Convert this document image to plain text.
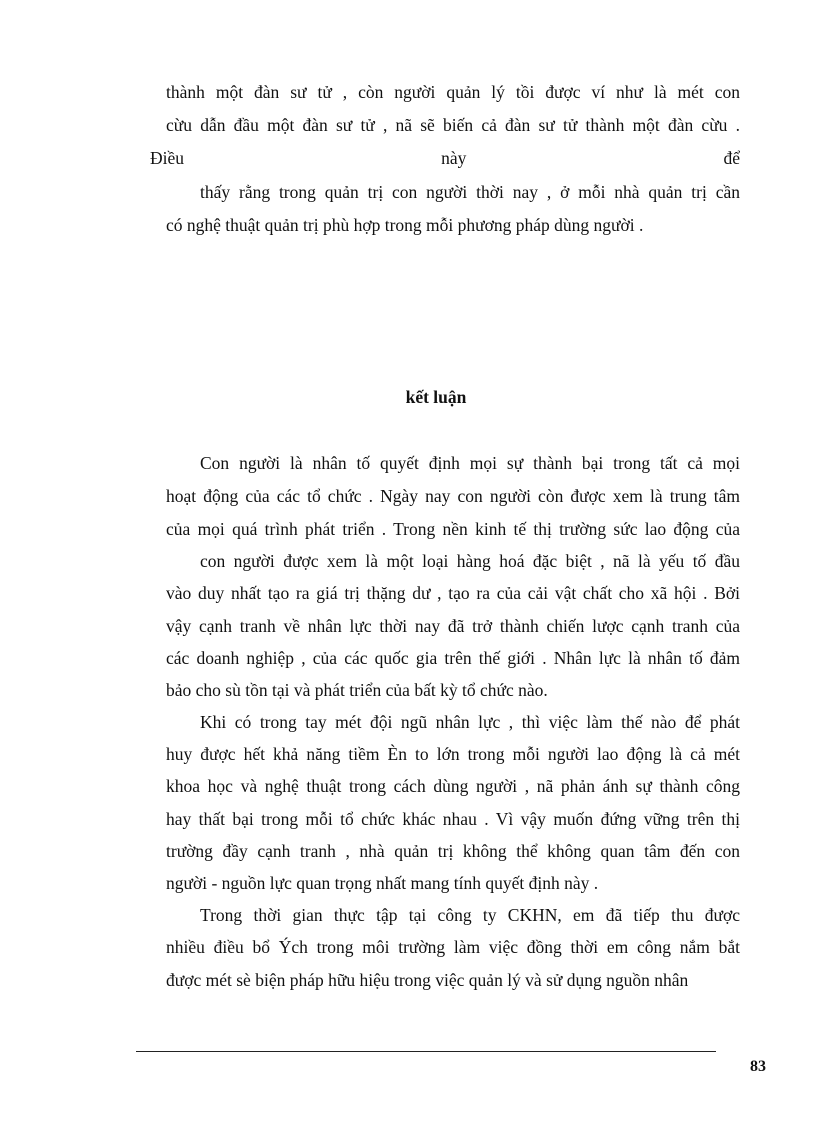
thành một đàn sư tử , còn người quản lý tồi được ví như là mét con
cừu dẫn đầu một đàn sư tử , nã sẽ biến cả đàn sư tử thành một đàn cừu .
Điều	này	để
thấy rằng trong quản trị con người thời nay , ở mỗi nhà quản trị cần
có nghệ thuật quản trị phù hợp trong mỗi phương pháp dùng người .
kết luận
Con người là nhân tố quyết định mọi sự thành bại trong tất cả mọi
hoạt động của các tổ chức . Ngày nay con người còn được xem là trung tâm
của mọi quá trình phát triển . Trong nền kinh tế thị trường sức lao động của
con người được xem là một loại hàng hoá đặc biệt , nã là yếu tố đầu
vào duy nhất tạo ra giá trị thặng dư , tạo ra của cải vật chất cho xã hội . Bởi
vậy cạnh tranh về nhân lực thời nay đã trở thành chiến lược cạnh tranh của
các doanh nghiệp , của các quốc gia trên thế giới . Nhân lực là nhân tố đảm
bảo cho sù tồn tại và phát triển của bất kỳ tổ chức nào.
Khi có trong tay mét đội ngũ nhân lực , thì việc làm thế nào để phát
huy được hết khả năng tiềm Èn to lớn trong mỗi người lao động là cả mét
khoa học và nghệ thuật trong cách dùng người , nã phản ánh sự thành công
hay thất bại trong mỗi tổ chức khác nhau . Vì vậy muốn đứng vững trên thị
trường đầy cạnh tranh , nhà quản trị không thể không quan tâm đến con
người - nguồn lực quan trọng nhất mang tính quyết định này .
Trong thời gian thực tập tại công ty CKHN, em đã tiếp thu được
nhiều điều bổ Ých trong môi trường làm việc đồng thời em công nắm bắt
được mét sè biện pháp hữu hiệu trong việc quản lý và sử dụng nguồn nhân
83
